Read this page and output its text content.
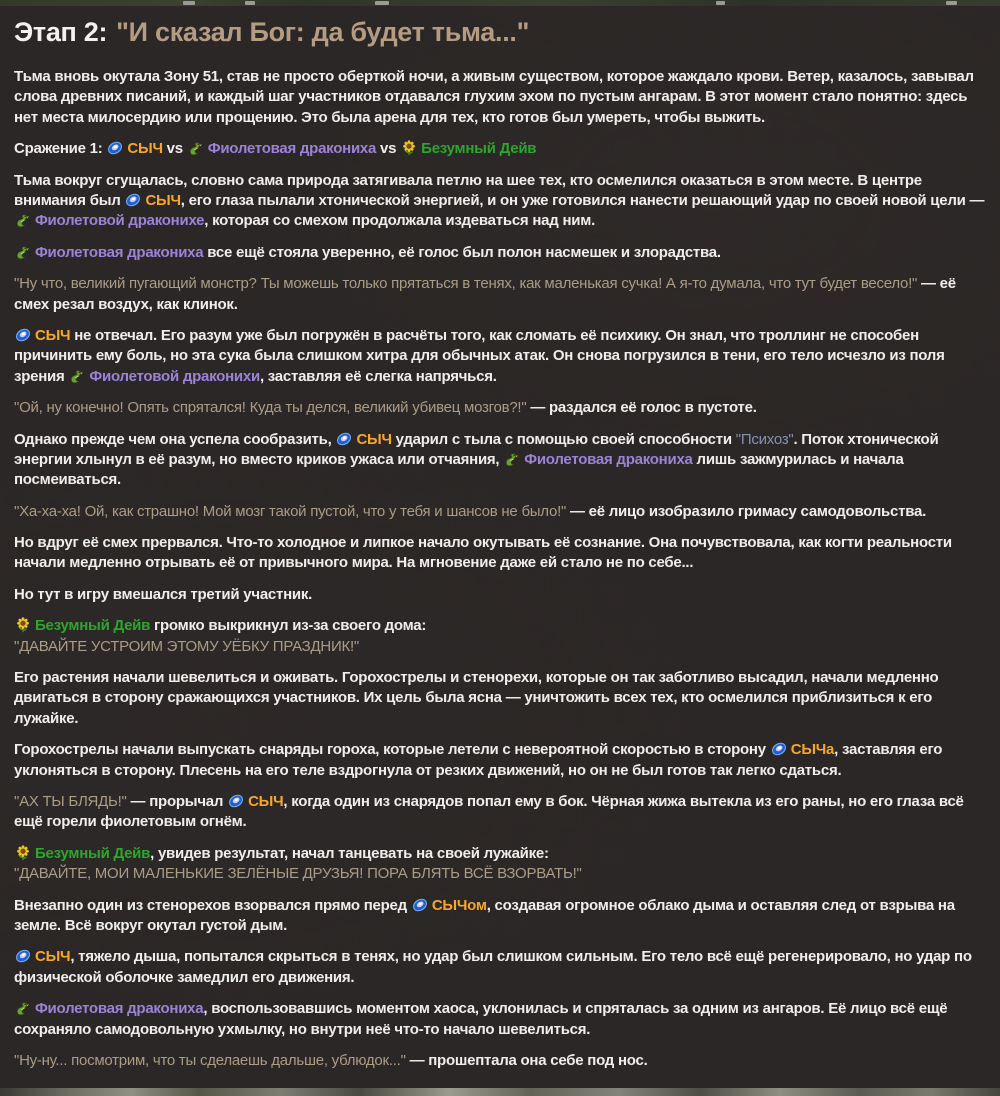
Этап 2: "И сказал Бог: да будет тьма..."

Тьма вновь окутала Зону 51, став не просто оберткой ночи, а живым существом, которое жаждало крови. Ветер, казалось, завывал слова древних писаний, и каждый шаг участников отдавался глухим эхом по пустым ангарам. В этот момент стало понятно: здесь нет места милосердию или прощению. Это была арена для тех, кто готов был умереть, чтобы выжить.

Сражение 1:
СЫЧ vs
Фиолетовая дракониха vs
Безумный Дейв

Тьма вокруг сгущалась, словно сама природа затягивала петлю на шее тех, кто осмелился оказаться в этом месте. В центре внимания был
СЫЧ, его глаза пылали хтонической энергией, и он уже готовился нанести решающий удар по своей новой цели —
Фиолетовой драконихе, которая со смехом продолжала издеваться над ним.

Фиолетовая дракониха все ещё стояла уверенно, её голос был полон насмешек и злорадства.

"Ну что, великий пугающий монстр? Ты можешь только прятаться в тенях, как маленькая сучка! А я-то думала, что тут будет весело!" — её смех резал воздух, как клинок.

СЫЧ не отвечал. Его разум уже был погружён в расчёты того, как сломать её психику. Он знал, что троллинг не способен причинить ему боль, но эта сука была слишком хитра для обычных атак. Он снова погрузился в тени, его тело исчезло из поля зрения
Фиолетовой драконихи, заставляя её слегка напрячься.

"Ой, ну конечно! Опять спрятался! Куда ты делся, великий убивец мозгов?!" — раздался её голос в пустоте.

Однако прежде чем она успела сообразить,
СЫЧ ударил с тыла с помощью своей способности "Психоз". Поток хтонической энергии хлынул в её разум, но вместо криков ужаса или отчаяния,
Фиолетовая дракониха лишь зажмурилась и начала посмеиваться.

"Ха-ха-ха! Ой, как страшно! Мой мозг такой пустой, что у тебя и шансов не было!" — её лицо изобразило гримасу самодовольства.

Но вдруг её смех прервался. Что-то холодное и липкое начало окутывать её сознание. Она почувствовала, как когти реальности начали медленно отрывать её от привычного мира. На мгновение даже ей стало не по себе...

Но тут в игру вмешался третий участник.

Безумный Дейв громко выкрикнул из-за своего дома:
"ДАВАЙТЕ УСТРОИМ ЭТОМУ УЁБКУ ПРАЗДНИК!"

Его растения начали шевелиться и оживать. Горохострелы и стенорехи, которые он так заботливо высадил, начали медленно двигаться в сторону сражающихся участников. Их цель была ясна — уничтожить всех тех, кто осмелился приблизиться к его лужайке.

Горохострелы начали выпускать снаряды гороха, которые летели с невероятной скоростью в сторону
СЫЧа, заставляя его уклоняться в сторону. Плесень на его теле вздрогнула от резких движений, но он не был готов так легко сдаться.

"АХ ТЫ БЛЯДЬ!" — прорычал
СЫЧ, когда один из снарядов попал ему в бок. Чёрная жижа вытекла из его раны, но его глаза всё ещё горели фиолетовым огнём.

Безумный Дейв, увидев результат, начал танцевать на своей лужайке:
"ДАВАЙТЕ, МОИ МАЛЕНЬКИЕ ЗЕЛЁНЫЕ ДРУЗЬЯ! ПОРА БЛЯТЬ ВСЁ ВЗОРВАТЬ!"

Внезапно один из стенорехов взорвался прямо перед
СЫЧом, создавая огромное облако дыма и оставляя след от взрыва на земле. Всё вокруг окутал густой дым.

СЫЧ, тяжело дыша, попытался скрыться в тенях, но удар был слишком сильным. Его тело всё ещё регенерировало, но удар по физической оболочке замедлил его движения.

Фиолетовая дракониха, воспользовавшись моментом хаоса, уклонилась и спряталась за одним из ангаров. Её лицо всё ещё сохраняло самодовольную ухмылку, но внутри неё что-то начало шевелиться.

"Ну-ну... посмотрим, что ты сделаешь дальше, ублюдок..." — прошептала она себе под нос.
